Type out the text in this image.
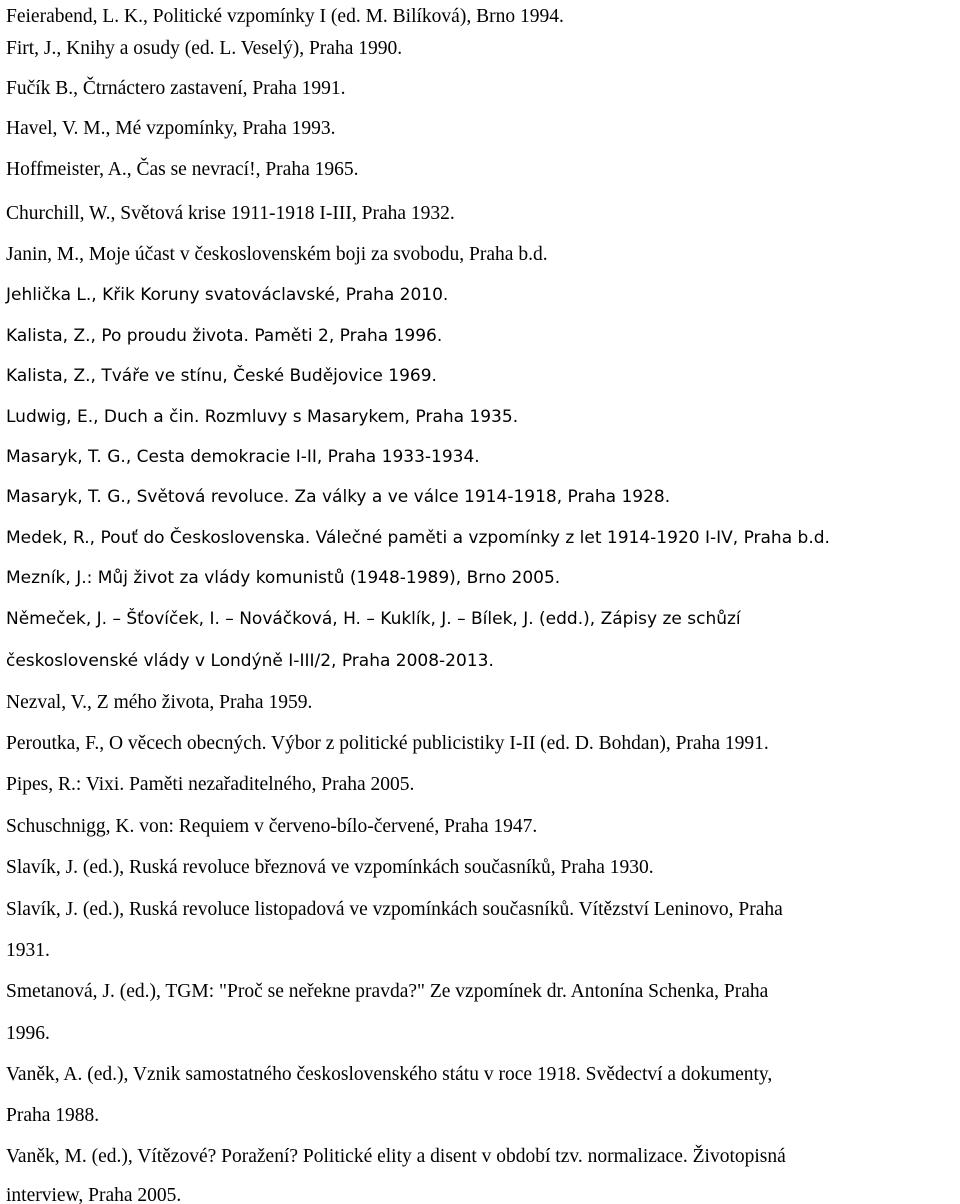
Feierabend, L. K., Politické vzpomínky I (ed. M. Bilíková), Brno 1994.
Firt, J., Knihy a osudy (ed. L. Veselý), Praha 1990.
Fučík B., Čtrnáctero zastavení, Praha 1991.
Havel, V. M., Mé vzpomínky, Praha 1993.
Hoffmeister, A., Čas se nevrací!, Praha 1965.
Churchill, W., Světová krise 1911-1918 I-III, Praha 1932.
Janin, M., Moje účast v československém boji za svobodu, Praha b.d.
Jehlička L., Křik Koruny svatováclavské, Praha 2010.
Kalista, Z., Po proudu života. Paměti 2, Praha 1996.
Kalista, Z., Tváře ve stínu, České Budějovice 1969.
Ludwig, E., Duch a čin. Rozmluvy s Masarykem, Praha 1935.
Masaryk, T. G., Cesta demokracie I-II, Praha 1933-1934.
Masaryk, T. G., Světová revoluce. Za války a ve válce 1914-1918, Praha 1928.
Medek, R., Pouť do Československa. Válečné paměti a vzpomínky z let 1914-1920 I-IV, Praha b.d.
Mezník, J.: Můj život za vlády komunistů (1948-1989), Brno 2005.
Němeček, J. – Šťovíček, I. – Nováčková, H. – Kuklík, J. – Bílek, J. (edd.), Zápisy ze schůzí
československé vlády v Londýně I-III/2, Praha 2008-2013.
Nezval, V., Z mého života, Praha 1959.
Peroutka, F., O věcech obecných. Výbor z politické publicistiky I-II (ed. D. Bohdan), Praha 1991.
Pipes, R.: Vixi. Paměti nezařaditelného, Praha 2005.
Schuschnigg, K. von: Requiem v červeno-bílo-červené, Praha 1947.
Slavík, J. (ed.), Ruská revoluce březnová ve vzpomínkách současníků, Praha 1930.
Slavík, J. (ed.), Ruská revoluce listopadová ve vzpomínkách současníků. Vítězství Leninovo, Praha
1931.
Smetanová, J. (ed.), TGM: "Proč se neřekne pravda?" Ze vzpomínek dr. Antonína Schenka, Praha
1996.
Vaněk, A. (ed.), Vznik samostatného československého státu v roce 1918. Svědectví a dokumenty,
Praha 1988.
Vaněk, M. (ed.), Vítězové? Poražení? Politické elity a disent v období tzv. normalizace. Životopisná
interview, Praha 2005.
